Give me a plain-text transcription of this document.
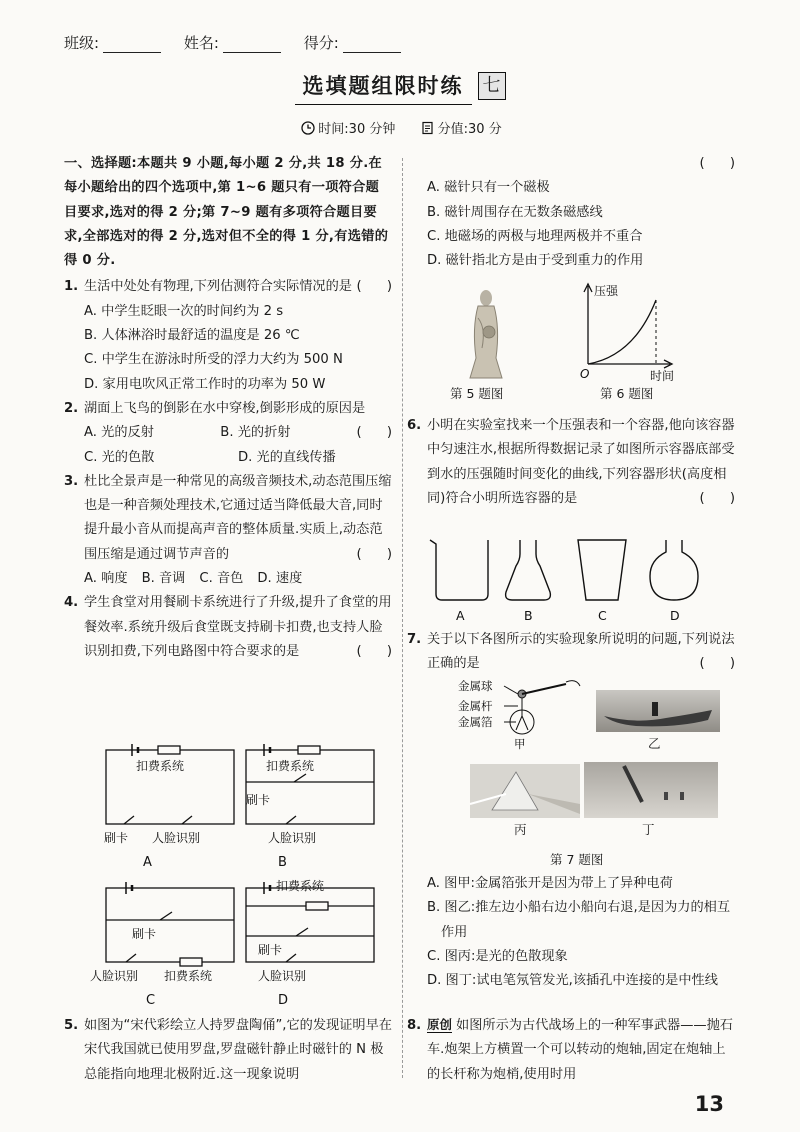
班级:	姓名:	得分:
选填题组限时练 七
时间:30 分钟	分值:30 分
一、选择题:本题共 9 小题,每小题 2 分,共 18 分.在每小题给出的四个选项中,第 1~6 题只有一项符合题目要求,选对的得 2 分;第 7~9 题有多项符合题目要求,全部选对的得 2 分,选对但不全的得 1 分,有选错的得 0 分.
1. 生活中处处有物理,下列估测符合实际情况的是 (      )
A. 中学生眨眼一次的时间约为 2 s
B. 人体淋浴时最舒适的温度是 26 ℃
C. 中学生在游泳时所受的浮力大约为 500 N
D. 家用电吹风正常工作时的功率为 50 W
2. 湖面上飞鸟的倒影在水中穿梭,倒影形成的原因是
(      )
A. 光的反射	B. 光的折射
C. 光的色散	D. 光的直线传播
3. 杜比全景声是一种常见的高级音频技术,动态范围压缩也是一种音频处理技术,它通过适当降低最大音,同时提升最小音从而提高声音的整体质量.实质上,动态范围压缩是通过调节声音的	(      )
A. 响度 B. 音调 C. 音色 D. 速度
4. 学生食堂对用餐刷卡系统进行了升级,提升了食堂的用餐效率.系统升级后食堂既支持刷卡扣费,也支持人脸识别扣费,下列电路图中符合要求的是	(      )
扣费系统
刷卡 人脸识别
A
扣费系统
刷卡
人脸识别
B
刷卡
人脸识别 扣费系统
C
扣费系统
刷卡
人脸识别
D
5. 如图为“宋代彩绘立人持罗盘陶俑”,它的发现证明早在宋代我国就已使用罗盘,罗盘磁针静止时磁针的 N 极总能指向地理北极附近.这一现象说明
(      )
A. 磁针只有一个磁极
B. 磁针周围存在无数条磁感线
C. 地磁场的两极与地理两极并不重合
D. 磁针指北方是由于受到重力的作用
第 5 题图
压强
O	时间
第 6 题图
6. 小明在实验室找来一个压强表和一个容器,他向该容器中匀速注水,根据所得数据记录了如图所示容器底部受到水的压强随时间变化的曲线,下列容器形状(高度相同)符合小明所选容器的是	(      )
A	B	C	D
7. 关于以下各图所示的实验现象所说明的问题,下列说法正确的是	(      )
金属球
金属杆
金属箔
甲	乙
丙	丁
第 7 题图
A. 图甲:金属箔张开是因为带上了异种电荷
B. 图乙:推左边小船右边小船向右退,是因为力的相互作用
C. 图丙:是光的色散现象
D. 图丁:试电笔氖管发光,该插孔中连接的是中性线
8. 原创 如图所示为古代战场上的一种军事武器——抛石车.炮架上方横置一个可以转动的炮轴,固定在炮轴上的长杆称为炮梢,使用时用
13
